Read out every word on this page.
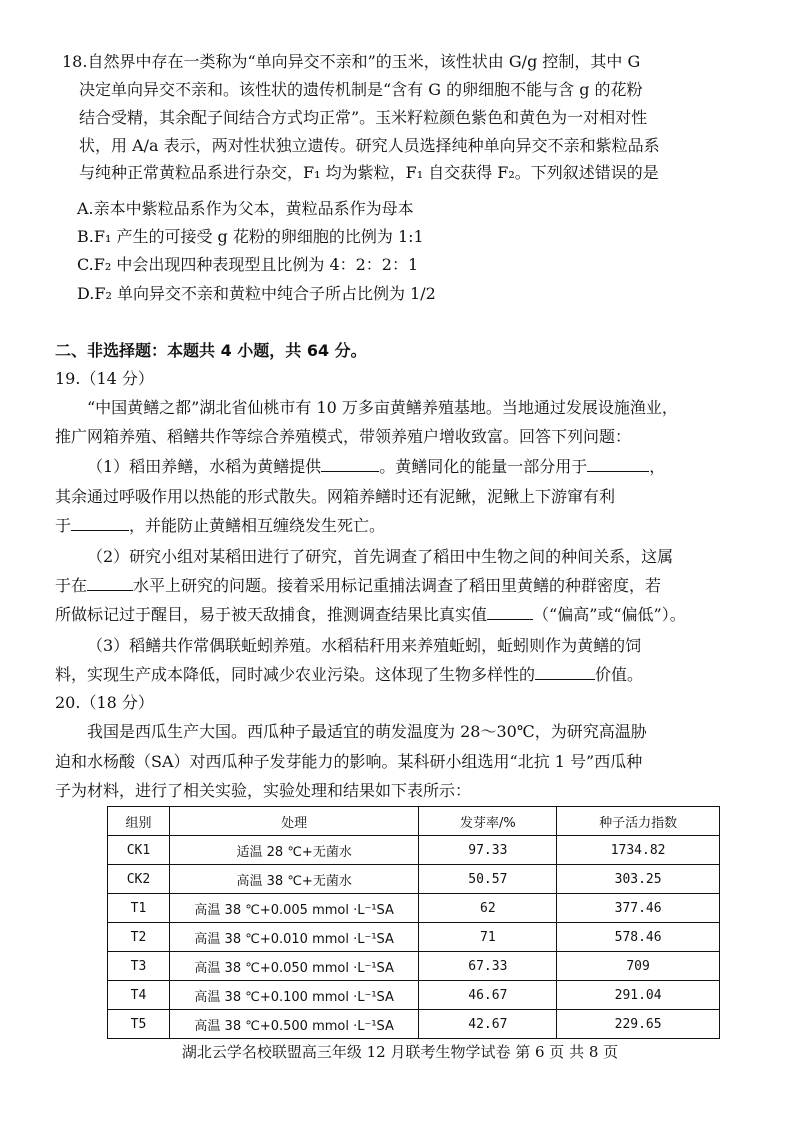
18.自然界中存在一类称为“单向异交不亲和”的玉米，该性状由 G/g 控制，其中 G
决定单向异交不亲和。该性状的遗传机制是“含有 G 的卵细胞不能与含 g 的花粉
结合受精，其余配子间结合方式均正常”。玉米籽粒颜色紫色和黄色为一对相对性
状，用 A/a 表示，两对性状独立遗传。研究人员选择纯种单向异交不亲和紫粒品系
与纯种正常黄粒品系进行杂交，F₁ 均为紫粒，F₁ 自交获得 F₂。下列叙述错误的是
A.亲本中紫粒品系作为父本，黄粒品系作为母本
B.F₁ 产生的可接受 g 花粉的卵细胞的比例为 1:1
C.F₂ 中会出现四种表现型且比例为 4：2：2：1
D.F₂ 单向异交不亲和黄粒中纯合子所占比例为 1/2
二、非选择题：本题共 4 小题，共 64 分。
19.（14 分）
“中国黄鳝之都”湖北省仙桃市有 10 万多亩黄鳝养殖基地。当地通过发展设施渔业，
推广网箱养殖、稻鳝共作等综合养殖模式，带领养殖户增收致富。回答下列问题：
（1）稻田养鳝，水稻为黄鳝提供	。黄鳝同化的能量一部分用于	，
其余通过呼吸作用以热能的形式散失。网箱养鳝时还有泥鳅，泥鳅上下游窜有利
于	，并能防止黄鳝相互缠绕发生死亡。
（2）研究小组对某稻田进行了研究，首先调查了稻田中生物之间的种间关系，这属
于在	水平上研究的问题。接着采用标记重捕法调查了稻田里黄鳝的种群密度，若
所做标记过于醒目，易于被天敌捕食，推测调查结果比真实值	（“偏高”或“偏低”）。
（3）稻鳝共作常偶联蚯蚓养殖。水稻秸秆用来养殖蚯蚓，蚯蚓则作为黄鳝的饲
料，实现生产成本降低，同时减少农业污染。这体现了生物多样性的	价值。
20.（18 分）
我国是西瓜生产大国。西瓜种子最适宜的萌发温度为 28～30℃，为研究高温胁
迫和水杨酸（SA）对西瓜种子发芽能力的影响。某科研小组选用“北抗 1 号”西瓜种
子为材料，进行了相关实验，实验处理和结果如下表所示：
组别	处理	发芽率/%	种子活力指数
CK1	适温 28 ℃+无菌水	97.33	1734.82
CK2	高温 38 ℃+无菌水	50.57	303.25
T1	高温 38 ℃+0.005 mmol ·L⁻¹SA	62	377.46
T2	高温 38 ℃+0.010 mmol ·L⁻¹SA	71	578.46
T3	高温 38 ℃+0.050 mmol ·L⁻¹SA	67.33	709
T4	高温 38 ℃+0.100 mmol ·L⁻¹SA	46.67	291.04
T5	高温 38 ℃+0.500 mmol ·L⁻¹SA	42.67	229.65
湖北云学名校联盟高三年级 12 月联考生物学试卷 第 6 页 共 8 页
